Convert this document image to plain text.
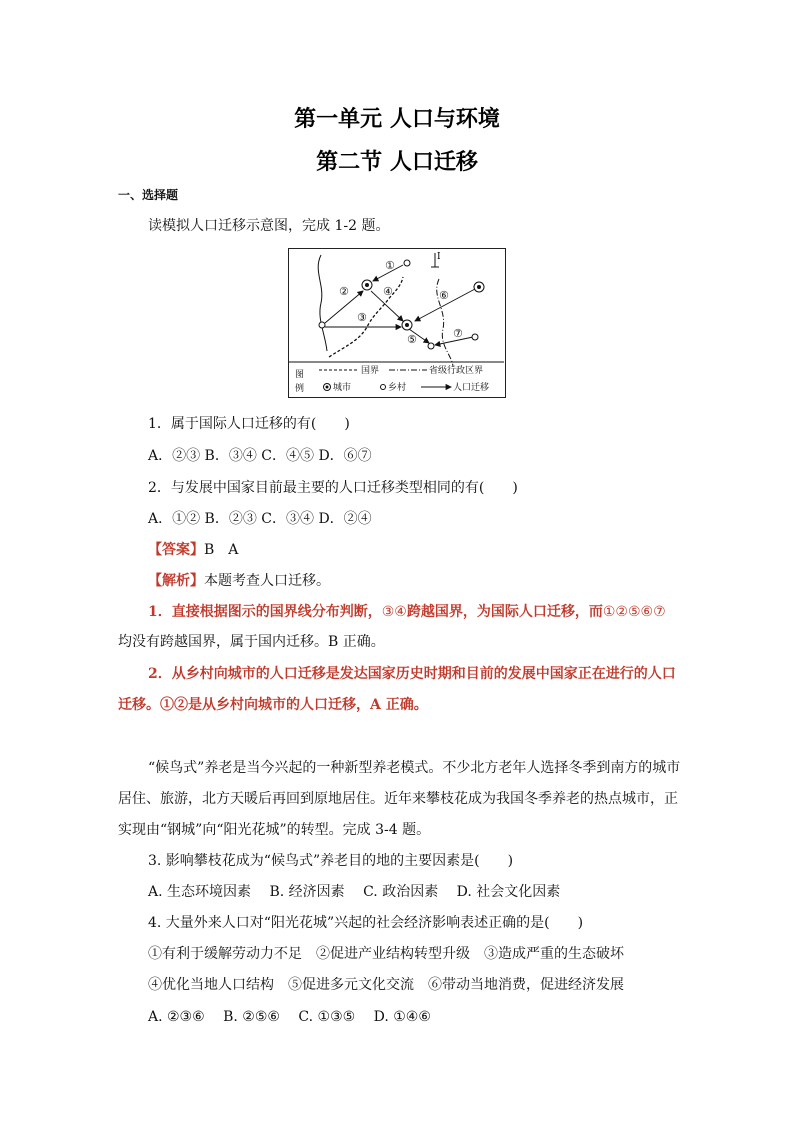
第一单元 人口与环境
第二节 人口迁移
一、选择题
读模拟人口迁移示意图，完成 1-2 题。
I
①
②
③
④
⑤
⑥
⑦
图
例
国界	省级行政区界
城市	乡村	人口迁移
1．属于国际人口迁移的有(　　)
A．②③ B．③④ C．④⑤ D．⑥⑦
2．与发展中国家目前最主要的人口迁移类型相同的有(　　)
A．①② B．②③ C．③④ D．②④
【答案】B　A
【解析】本题考查人口迁移。
1．直接根据图示的国界线分布判断，③④跨越国界，为国际人口迁移，而①②⑤⑥⑦
均没有跨越国界，属于国内迁移。B 正确。
2．从乡村向城市的人口迁移是发达国家历史时期和目前的发展中国家正在进行的人口
迁移。①②是从乡村向城市的人口迁移，A 正确。
“候鸟式”养老是当今兴起的一种新型养老模式。不少北方老年人选择冬季到南方的城市
居住、旅游，北方天暖后再回到原地居住。近年来攀枝花成为我国冬季养老的热点城市，正
实现由“钢城”向“阳光花城”的转型。完成 3-4 题。
3. 影响攀枝花成为“候鸟式”养老目的地的主要因素是(　　)
A. 生态环境因素　 B. 经济因素　 C. 政治因素　 D. 社会文化因素
4. 大量外来人口对“阳光花城”兴起的社会经济影响表述正确的是(　　)
①有利于缓解劳动力不足　②促进产业结构转型升级　③造成严重的生态破坏
④优化当地人口结构　⑤促进多元文化交流　⑥带动当地消费，促进经济发展
A. ②③⑥　 B. ②⑤⑥　 C. ①③⑤　 D. ①④⑥
